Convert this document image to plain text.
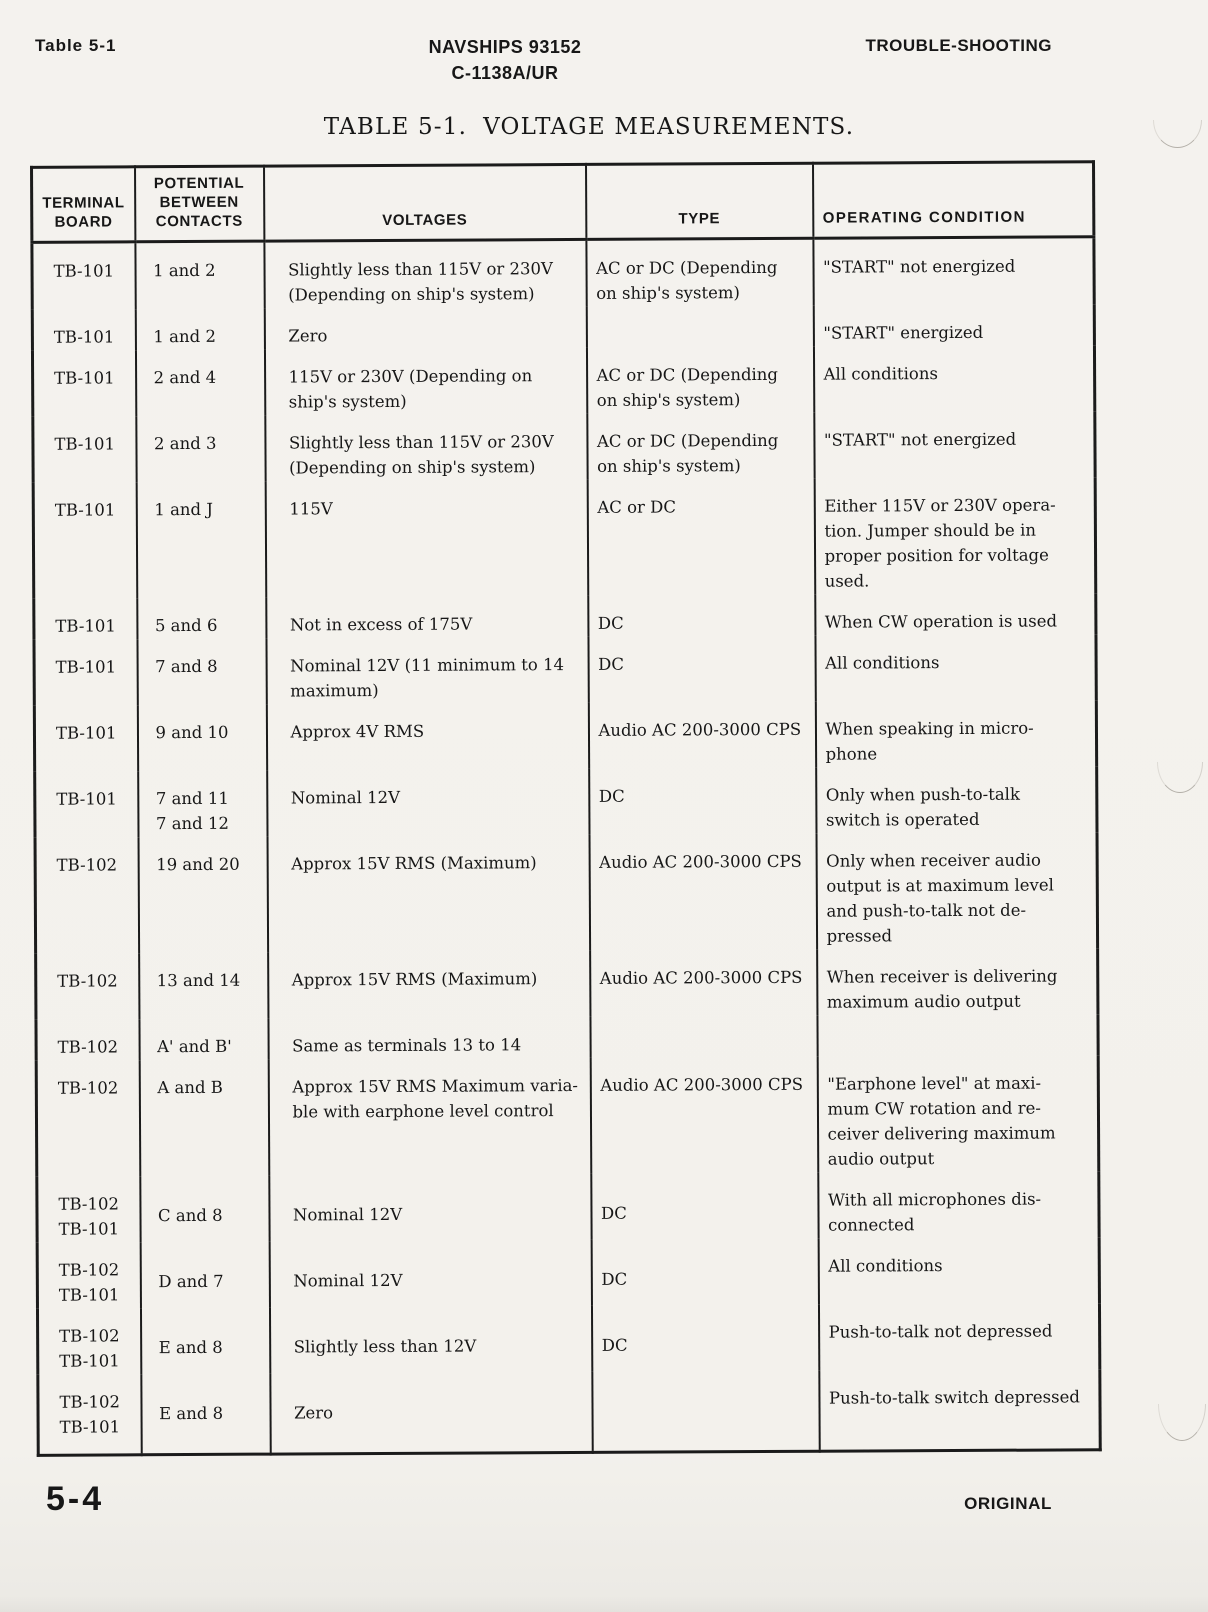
Table 5-1	NAVSHIPS 93152
C-1138A/UR
TROUBLE-SHOOTING
TABLE 5-1. VOLTAGE MEASUREMENTS.
TERMINAL
BOARD	POTENTIAL
BETWEEN
CONTACTS	VOLTAGES	TYPE	OPERATING CONDITION
TB-101	1 and 2	Slightly less than 115V or 230V
(Depending on ship's system)	AC or DC (Depending
on ship's system)	"START" not energized
TB-101	1 and 2	Zero		"START" energized
TB-101	2 and 4	115V or 230V (Depending on
ship's system)	AC or DC (Depending
on ship's system)	All conditions
TB-101	2 and 3	Slightly less than 115V or 230V
(Depending on ship's system)	AC or DC (Depending
on ship's system)	"START" not energized
TB-101	1 and J	115V	AC or DC	Either 115V or 230V opera-
tion. Jumper should be in
proper position for voltage
used.
TB-101	5 and 6	Not in excess of 175V	DC	When CW operation is used
TB-101	7 and 8	Nominal 12V (11 minimum to 14
maximum)	DC	All conditions
TB-101	9 and 10	Approx 4V RMS	Audio AC 200-3000 CPS	When speaking in micro-
phone
TB-101	7 and 11
7 and 12	Nominal 12V	DC	Only when push-to-talk
switch is operated
TB-102	19 and 20	Approx 15V RMS (Maximum)	Audio AC 200-3000 CPS	Only when receiver audio
output is at maximum level
and push-to-talk not de-
pressed
TB-102	13 and 14	Approx 15V RMS (Maximum)	Audio AC 200-3000 CPS	When receiver is delivering
maximum audio output
TB-102	A' and B'	Same as terminals 13 to 14		
TB-102	A and B	Approx 15V RMS Maximum varia-
ble with earphone level control	Audio AC 200-3000 CPS	"Earphone level" at maxi-
mum CW rotation and re-
ceiver delivering maximum
audio output
TB-102
TB-101	C and 8	Nominal 12V	DC	With all microphones dis-
connected
TB-102
TB-101	D and 7	Nominal 12V	DC	All conditions
TB-102
TB-101	E and 8	Slightly less than 12V	DC	Push-to-talk not depressed
TB-102
TB-101	E and 8	Zero		Push-to-talk switch depressed
5-4	ORIGINAL
